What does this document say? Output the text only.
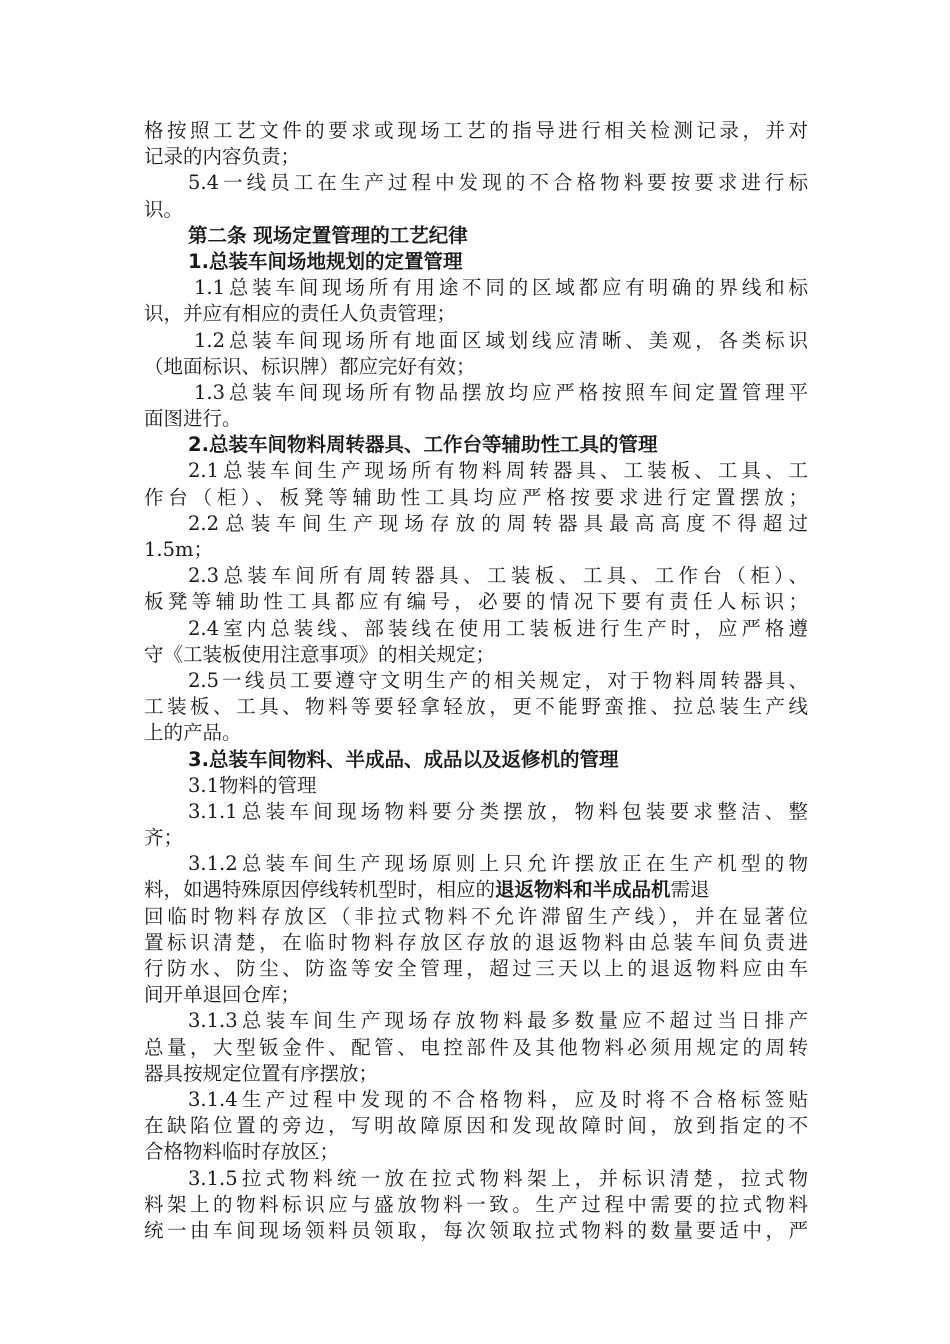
格按照工艺文件的要求或现场工艺的指导进行相关检测记录，并对
记录的内容负责；
5.4一线员工在生产过程中发现的不合格物料要按要求进行标
识。
第二条 现场定置管理的工艺纪律
1.总装车间场地规划的定置管理
1.1总装车间现场所有用途不同的区域都应有明确的界线和标
识，并应有相应的责任人负责管理；
1.2总装车间现场所有地面区域划线应清晰、美观，各类标识
（地面标识、标识牌）都应完好有效；
1.3总装车间现场所有物品摆放均应严格按照车间定置管理平
面图进行。
2.总装车间物料周转器具、工作台等辅助性工具的管理
2.1总装车间生产现场所有物料周转器具、工装板、工具、工
作台（柜）、板凳等辅助性工具均应严格按要求进行定置摆放；
2.2总装车间生产现场存放的周转器具最高高度不得超过
1.5m；
2.3总装车间所有周转器具、工装板、工具、工作台（柜）、
板凳等辅助性工具都应有编号，必要的情况下要有责任人标识；
2.4室内总装线、部装线在使用工装板进行生产时，应严格遵
守《工装板使用注意事项》的相关规定；
2.5一线员工要遵守文明生产的相关规定，对于物料周转器具、
工装板、工具、物料等要轻拿轻放，更不能野蛮推、拉总装生产线
上的产品。
3.总装车间物料、半成品、成品以及返修机的管理
3.1物料的管理
3.1.1总装车间现场物料要分类摆放，物料包装要求整洁、整
齐；
3.1.2总装车间生产现场原则上只允许摆放正在生产机型的物
料，如遇特殊原因停线转机型时，相应的退返物料和半成品机需退
回临时物料存放区（非拉式物料不允许滞留生产线），并在显著位
置标识清楚，在临时物料存放区存放的退返物料由总装车间负责进
行防水、防尘、防盗等安全管理，超过三天以上的退返物料应由车
间开单退回仓库；
3.1.3总装车间生产现场存放物料最多数量应不超过当日排产
总量，大型钣金件、配管、电控部件及其他物料必须用规定的周转
器具按规定位置有序摆放；
3.1.4生产过程中发现的不合格物料，应及时将不合格标签贴
在缺陷位置的旁边，写明故障原因和发现故障时间，放到指定的不
合格物料临时存放区；
3.1.5拉式物料统一放在拉式物料架上，并标识清楚，拉式物
料架上的物料标识应与盛放物料一致。生产过程中需要的拉式物料
统一由车间现场领料员领取，每次领取拉式物料的数量要适中，严
